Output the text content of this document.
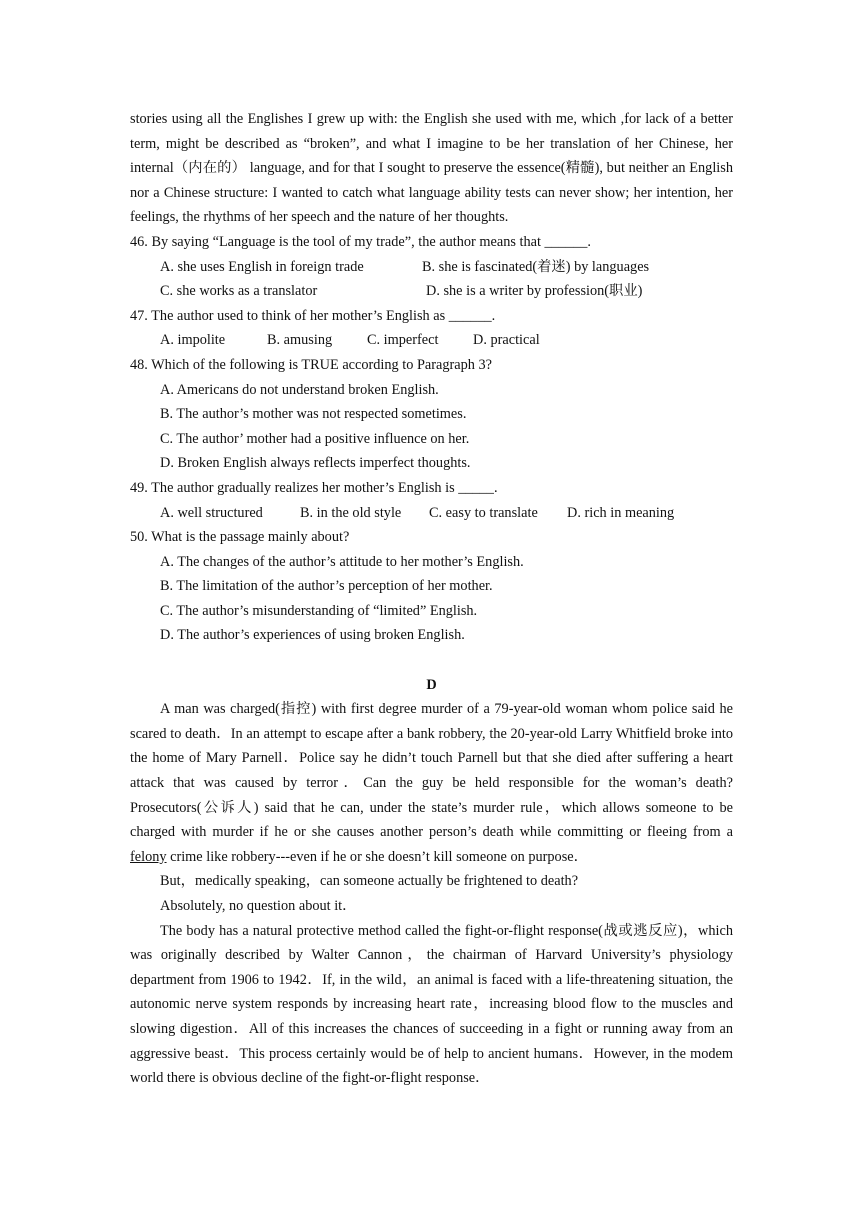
stories using all the Englishes I grew up with: the English she used with me, which ,for lack of a better term, might be described as “broken”, and what I imagine to be her translation of her Chinese, her internal（内在的） language, and for that I sought to preserve the essence(精髓), but neither an English nor a Chinese structure: I wanted to catch what language ability tests can never show; her intention, her feelings, the rhythms of her speech and the nature of her thoughts.

46. By saying “Language is the tool of my trade”, the author means that ______.

A. she uses English in foreign trade	B. she is fascinated(着迷) by languages
C. she works as a translator	D. she is a writer by profession(职业)

47. The author used to think of her mother’s English as ______.

A. impolite	B. amusing C. imperfect D. practical

48. Which of the following is TRUE according to Paragraph 3?

A. Americans do not understand broken English.

B. The author’s mother was not respected sometimes.

C. The author’ mother had a positive influence on her.

D. Broken English always reflects imperfect thoughts.

49. The author gradually realizes her mother’s English is _____.

A. well structured	B. in the old style C. easy to translate D. rich in meaning

50. What is the passage mainly about?

A. The changes of the author’s attitude to her mother’s English.

B. The limitation of the author’s perception of her mother.

C. The author’s misunderstanding of “limited” English.

D. The author’s experiences of using broken English.

D

A man was charged(指控) with first degree murder of a 79-year-old woman whom police said he scared to death．In an attempt to escape after a bank robbery, the 20-year-old Larry Whitfield broke into the home of Mary Parnell．Police say he didn’t touch Parnell but that she died after suffering a heart attack that was caused by terror．Can the guy be held responsible for the woman’s death? Prosecutors(公诉人) said that he can, under the state’s murder rule，which allows someone to be charged with murder if he or she causes another person’s death while committing or fleeing from a felony crime like robbery---even if he or she doesn’t kill someone on purpose．

But，medically speaking，can someone actually be frightened to death?

Absolutely, no question about it．

The body has a natural protective method called the fight-or-flight response(战或逃反应)，which was originally described by Walter Cannon，the chairman of Harvard University’s physiology department from 1906 to 1942．If, in the wild，an animal is faced with a life-threatening situation, the autonomic nerve system responds by increasing heart rate，increasing blood flow to the muscles and slowing digestion．All of this increases the chances of succeeding in a fight or running away from an aggressive beast．This process certainly would be of help to ancient humans．However, in the modem world there is obvious decline of the fight-or-flight response．
